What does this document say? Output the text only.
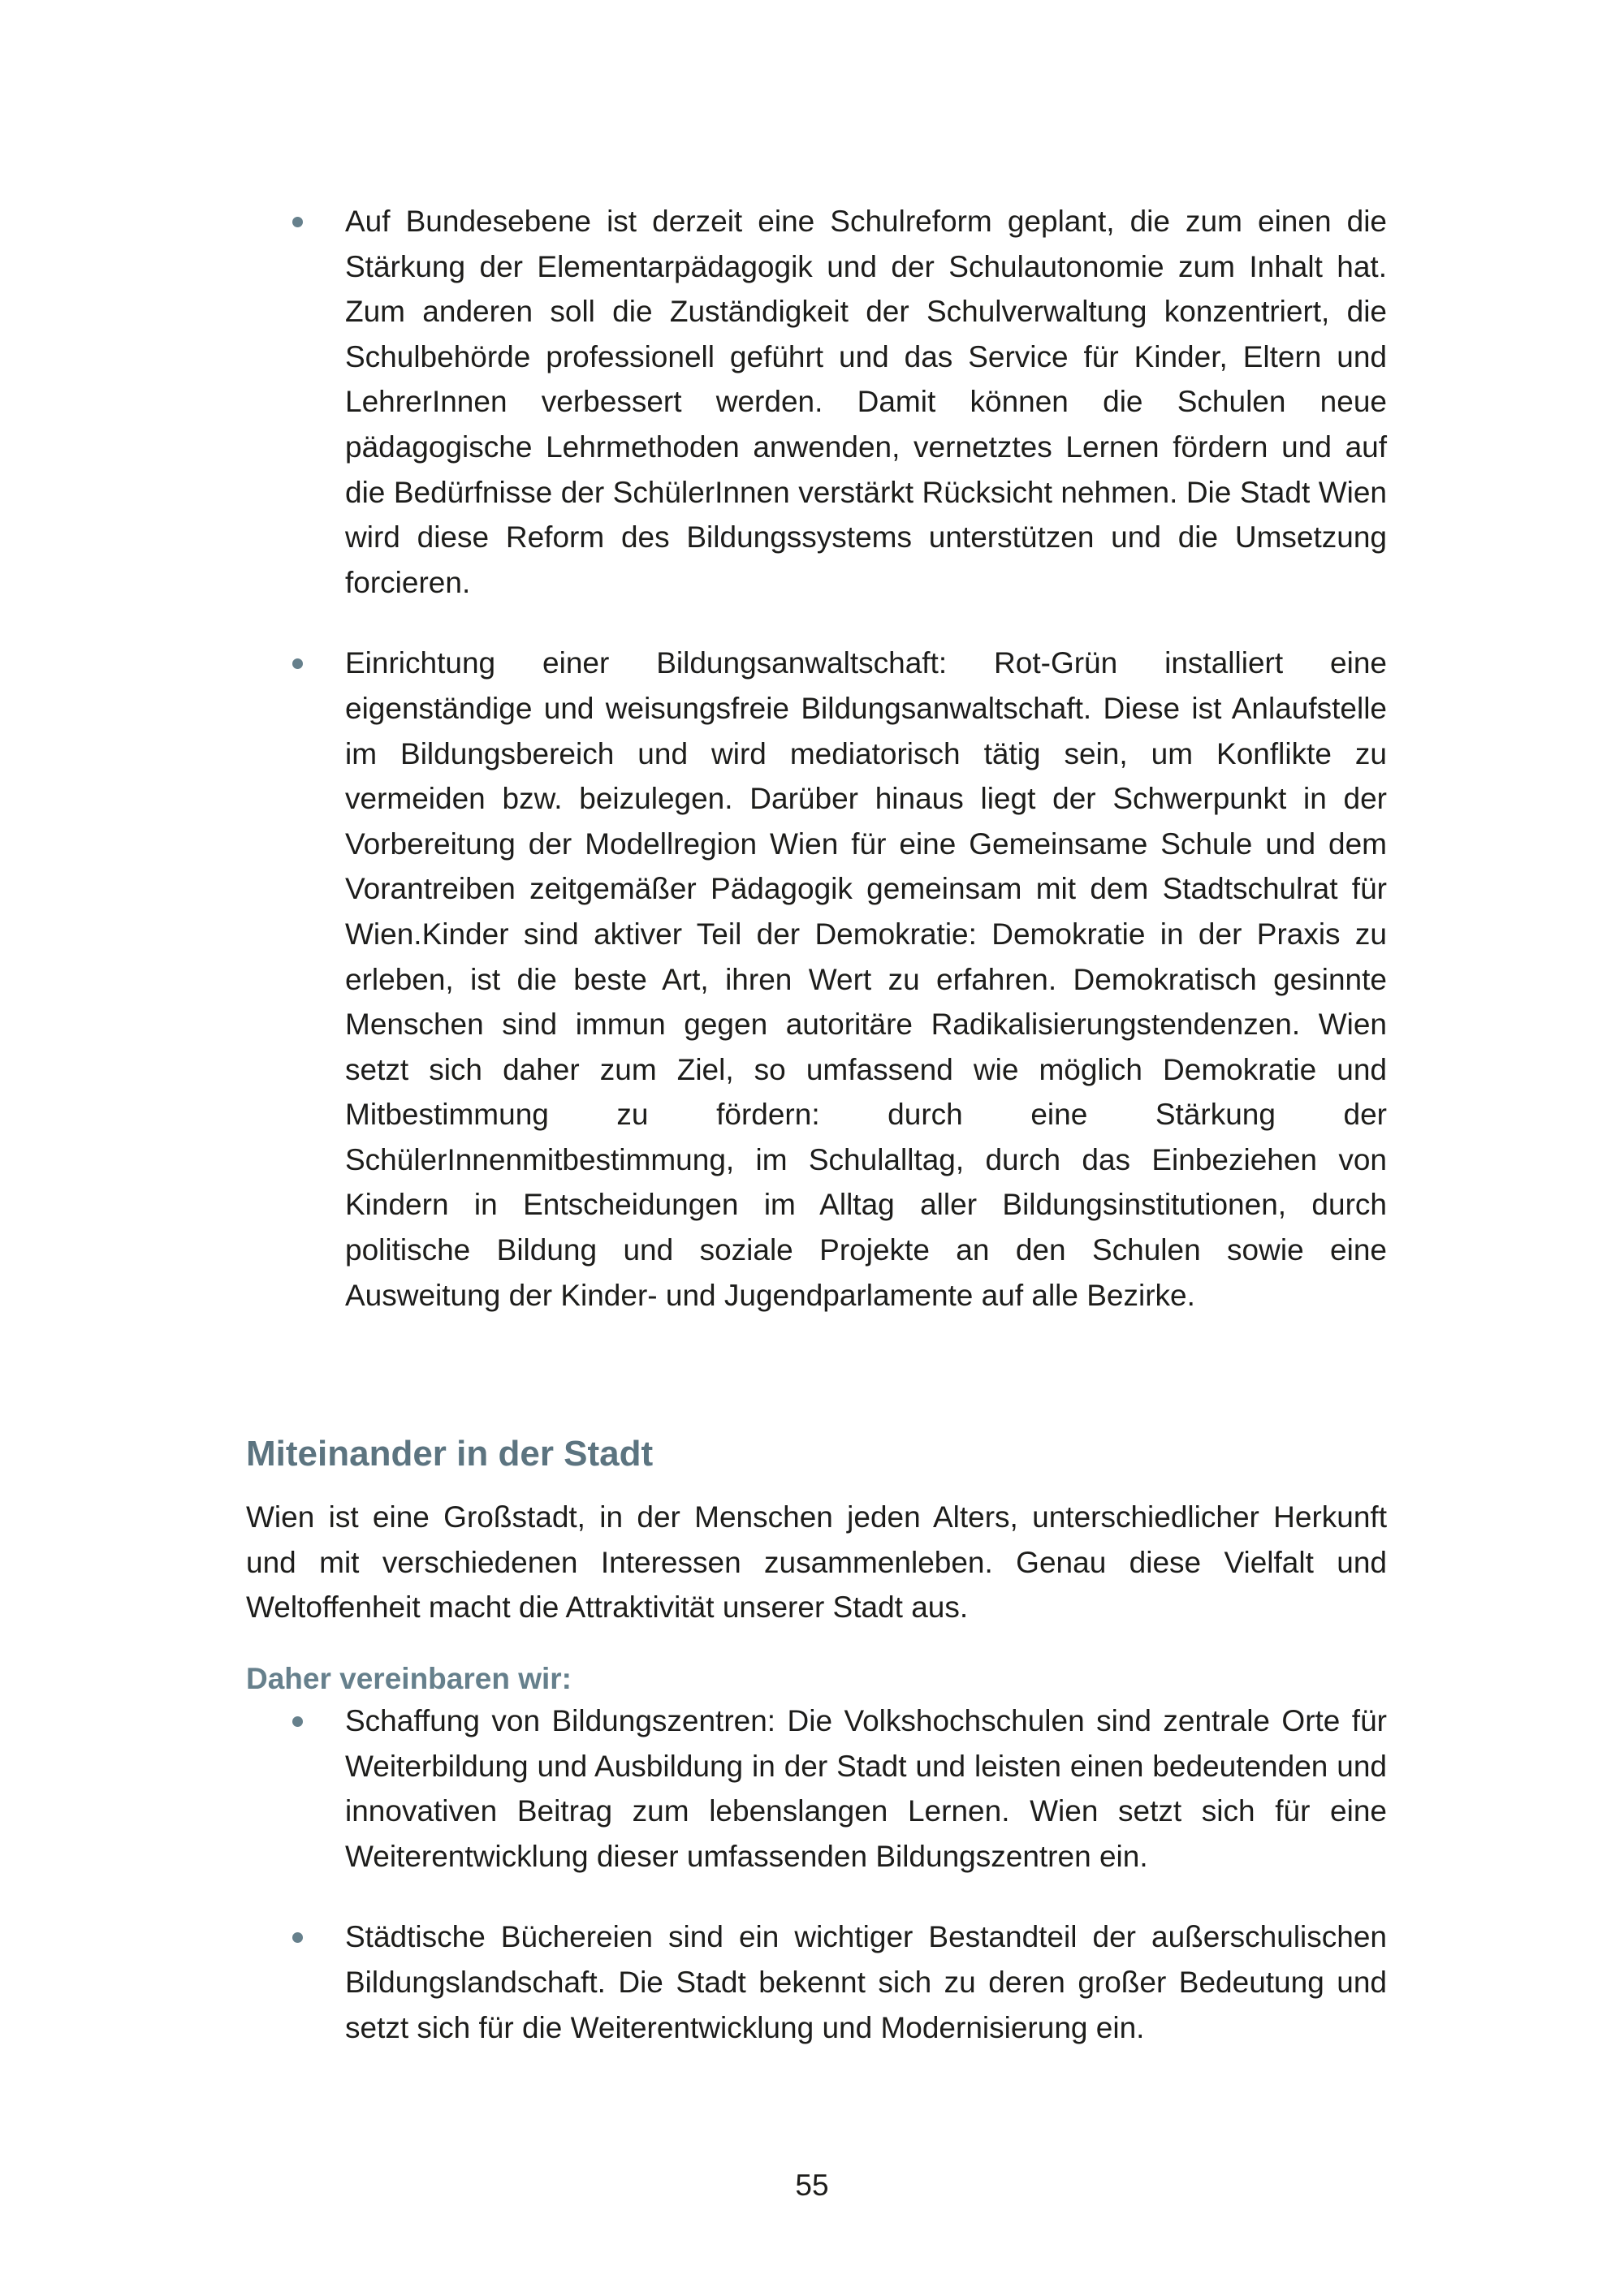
Auf Bundesebene ist derzeit eine Schulreform geplant, die zum einen die Stärkung der Elementarpädagogik und der Schulautonomie zum Inhalt hat. Zum anderen soll die Zuständigkeit der Schulverwaltung konzentriert, die Schulbehörde professionell geführt und das Service für Kinder, Eltern und LehrerInnen verbessert werden. Damit können die Schulen neue pädagogische Lehrmethoden anwenden, vernetztes Lernen fördern und auf die Bedürfnisse der SchülerInnen verstärkt Rücksicht nehmen. Die Stadt Wien wird diese Reform des Bildungssystems unterstützen und die Umsetzung forcieren.
Einrichtung einer Bildungsanwaltschaft: Rot-Grün installiert eine eigenständige und weisungsfreie Bildungsanwaltschaft. Diese ist Anlaufstelle im Bildungsbereich und wird mediatorisch tätig sein, um Konflikte zu vermeiden bzw. beizulegen. Darüber hinaus liegt der Schwerpunkt in der Vorbereitung der Modellregion Wien für eine Gemeinsame Schule und dem Vorantreiben zeitgemäßer Pädagogik gemeinsam mit dem Stadtschulrat für Wien.Kinder sind aktiver Teil der Demokratie: Demokratie in der Praxis zu erleben, ist die beste Art, ihren Wert zu erfahren. Demokratisch gesinnte Menschen sind immun gegen autoritäre Radikalisierungstendenzen. Wien setzt sich daher zum Ziel, so umfassend wie möglich Demokratie und Mitbestimmung zu fördern: durch eine Stärkung der SchülerInnenmitbestimmung, im Schulalltag, durch das Einbeziehen von Kindern in Entscheidungen im Alltag aller Bildungsinstitutionen, durch politische Bildung und soziale Projekte an den Schulen sowie eine Ausweitung der Kinder- und Jugendparlamente auf alle Bezirke.
Miteinander in der Stadt

Wien ist eine Großstadt, in der Menschen jeden Alters, unterschiedlicher Herkunft und mit verschiedenen Interessen zusammenleben. Genau diese Vielfalt und Weltoffenheit macht die Attraktivität unserer Stadt aus.

Daher vereinbaren wir:
Schaffung von Bildungszentren: Die Volkshochschulen sind zentrale Orte für Weiterbildung und Ausbildung in der Stadt und leisten einen bedeutenden und innovativen Beitrag zum lebenslangen Lernen. Wien setzt sich für eine Weiterentwicklung dieser umfassenden Bildungszentren ein.
Städtische Büchereien sind ein wichtiger Bestandteil der außerschulischen Bildungslandschaft. Die Stadt bekennt sich zu deren großer Bedeutung und setzt sich für die Weiterentwicklung und Modernisierung ein.
55
